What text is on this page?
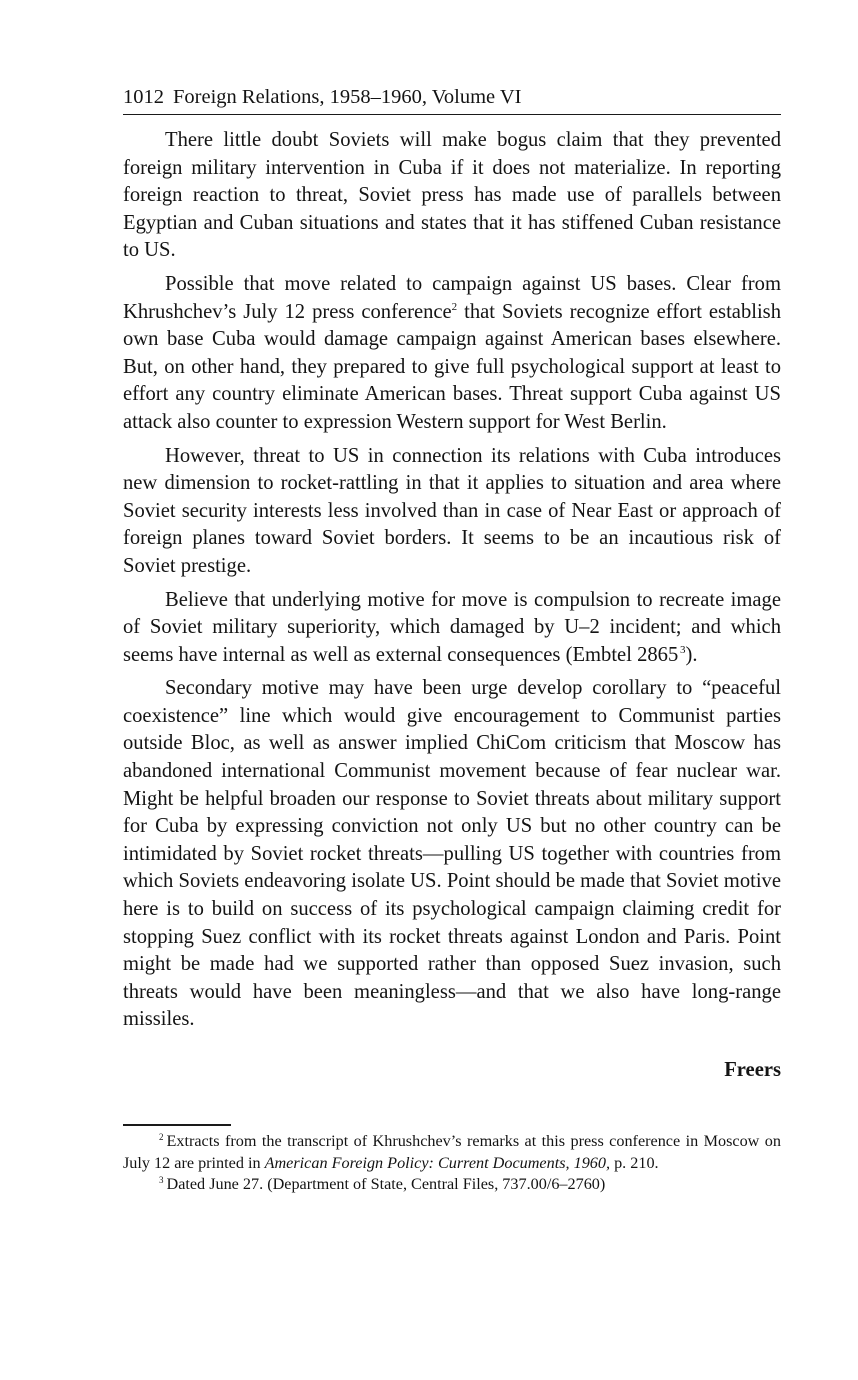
1012 Foreign Relations, 1958–1960, Volume VI

There little doubt Soviets will make bogus claim that they prevented foreign military intervention in Cuba if it does not materialize. In reporting foreign reaction to threat, Soviet press has made use of parallels between Egyptian and Cuban situations and states that it has stiffened Cuban resistance to US.

Possible that move related to campaign against US bases. Clear from Khrushchev’s July 12 press conference$^2$ that Soviets recognize effort establish own base Cuba would damage campaign against American bases elsewhere. But, on other hand, they prepared to give full psychological support at least to effort any country eliminate American bases. Threat support Cuba against US attack also counter to expression Western support for West Berlin.

However, threat to US in connection its relations with Cuba introduces new dimension to rocket-rattling in that it applies to situation and area where Soviet security interests less involved than in case of Near East or approach of foreign planes toward Soviet borders. It seems to be an incautious risk of Soviet prestige.

Believe that underlying motive for move is compulsion to recreate image of Soviet military superiority, which damaged by U–2 incident; and which seems have internal as well as external consequences (Embtel 2865  $^3$).

Secondary motive may have been urge develop corollary to “peaceful coexistence” line which would give encouragement to Communist parties outside Bloc, as well as answer implied ChiCom criticism that Moscow has abandoned international Communist movement because of fear nuclear war. Might be helpful broaden our response to Soviet threats about military support for Cuba by expressing conviction not only US but no other country can be intimidated by Soviet rocket threats—pulling US together with countries from which Soviets endeavoring isolate US. Point should be made that Soviet motive here is to build on success of its psychological campaign claiming credit for stopping Suez conflict with its rocket threats against London and Paris. Point might be made had we supported rather than opposed Suez invasion, such threats would have been meaningless—and that we also have long-range missiles.

Freers

$^2$ Extracts from the transcript of Khrushchev’s remarks at this press conference in Moscow on July 12 are printed in American Foreign Policy: Current Documents, 1960, p. 210.

$^3$ Dated June 27. (Department of State, Central Files, 737.00/6–2760)
